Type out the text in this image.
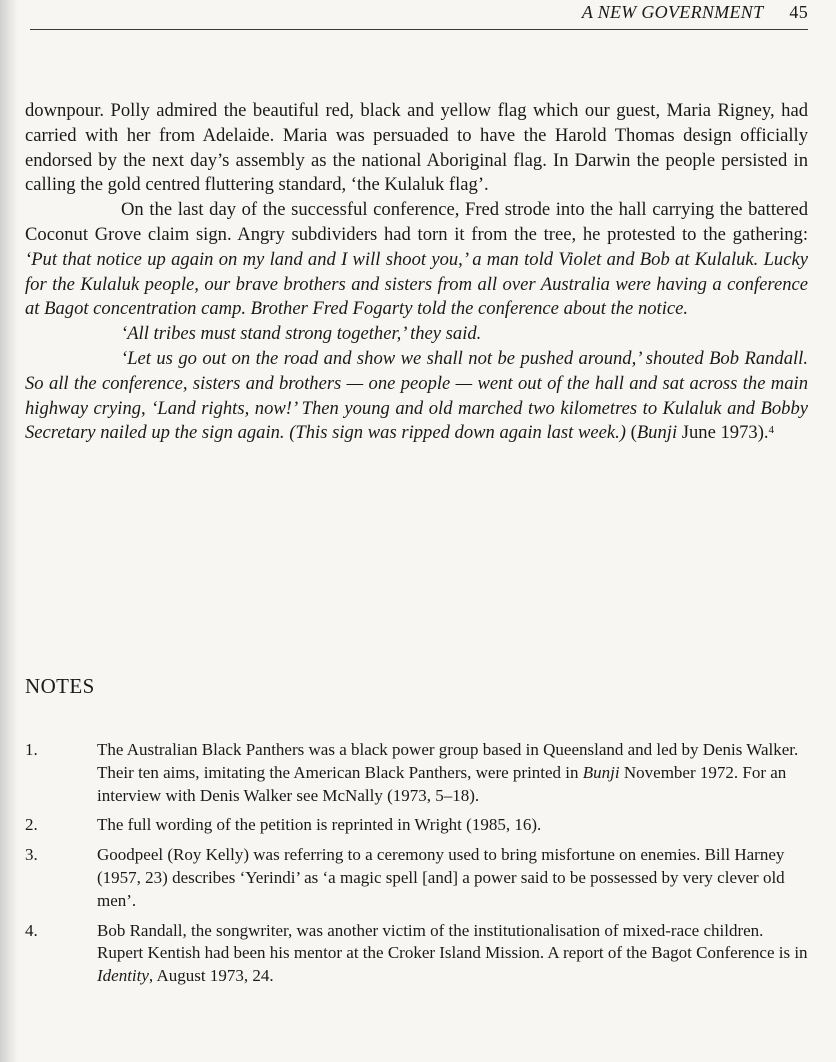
A NEW GOVERNMENT 45

downpour. Polly admired the beautiful red, black and yellow flag which our guest, Maria Rigney, had carried with her from Adelaide. Maria was persuaded to have the Harold Thomas design officially endorsed by the next day’s assembly as the national Aboriginal flag. In Darwin the people persisted in calling the gold centred fluttering standard, ‘the Kulaluk flag’.

On the last day of the successful conference, Fred strode into the hall carrying the battered Coconut Grove claim sign. Angry subdividers had torn it from the tree, he protested to the gathering: ‘Put that notice up again on my land and I will shoot you,’ a man told Violet and Bob at Kulaluk. Lucky for the Kulaluk people, our brave brothers and sisters from all over Australia were having a conference at Bagot concentration camp. Brother Fred Fogarty told the conference about the notice.

‘All tribes must stand strong together,’ they said.

‘Let us go out on the road and show we shall not be pushed around,’ shouted Bob Randall. So all the conference, sisters and brothers — one people — went out of the hall and sat across the main highway crying, ‘Land rights, now!’ Then young and old marched two kilometres to Kulaluk and Bobby Secretary nailed up the sign again. (This sign was ripped down again last week.) (Bunji June 1973).$^4$

NOTES
1.	The Australian Black Panthers was a black power group based in Queensland and led by Denis Walker. Their ten aims, imitating the American Black Panthers, were printed in Bunji November 1972. For an interview with Denis Walker see McNally (1973, 5–18).
2.	The full wording of the petition is reprinted in Wright (1985, 16).
3.	Goodpeel (Roy Kelly) was referring to a ceremony used to bring misfortune on enemies. Bill Harney (1957, 23) describes ‘Yerindi’ as ‘a magic spell [and] a power said to be possessed by very clever old men’.
4.	Bob Randall, the songwriter, was another victim of the institutionalisation of mixed-race children. Rupert Kentish had been his mentor at the Croker Island Mission. A report of the Bagot Conference is in Identity, August 1973, 24.
